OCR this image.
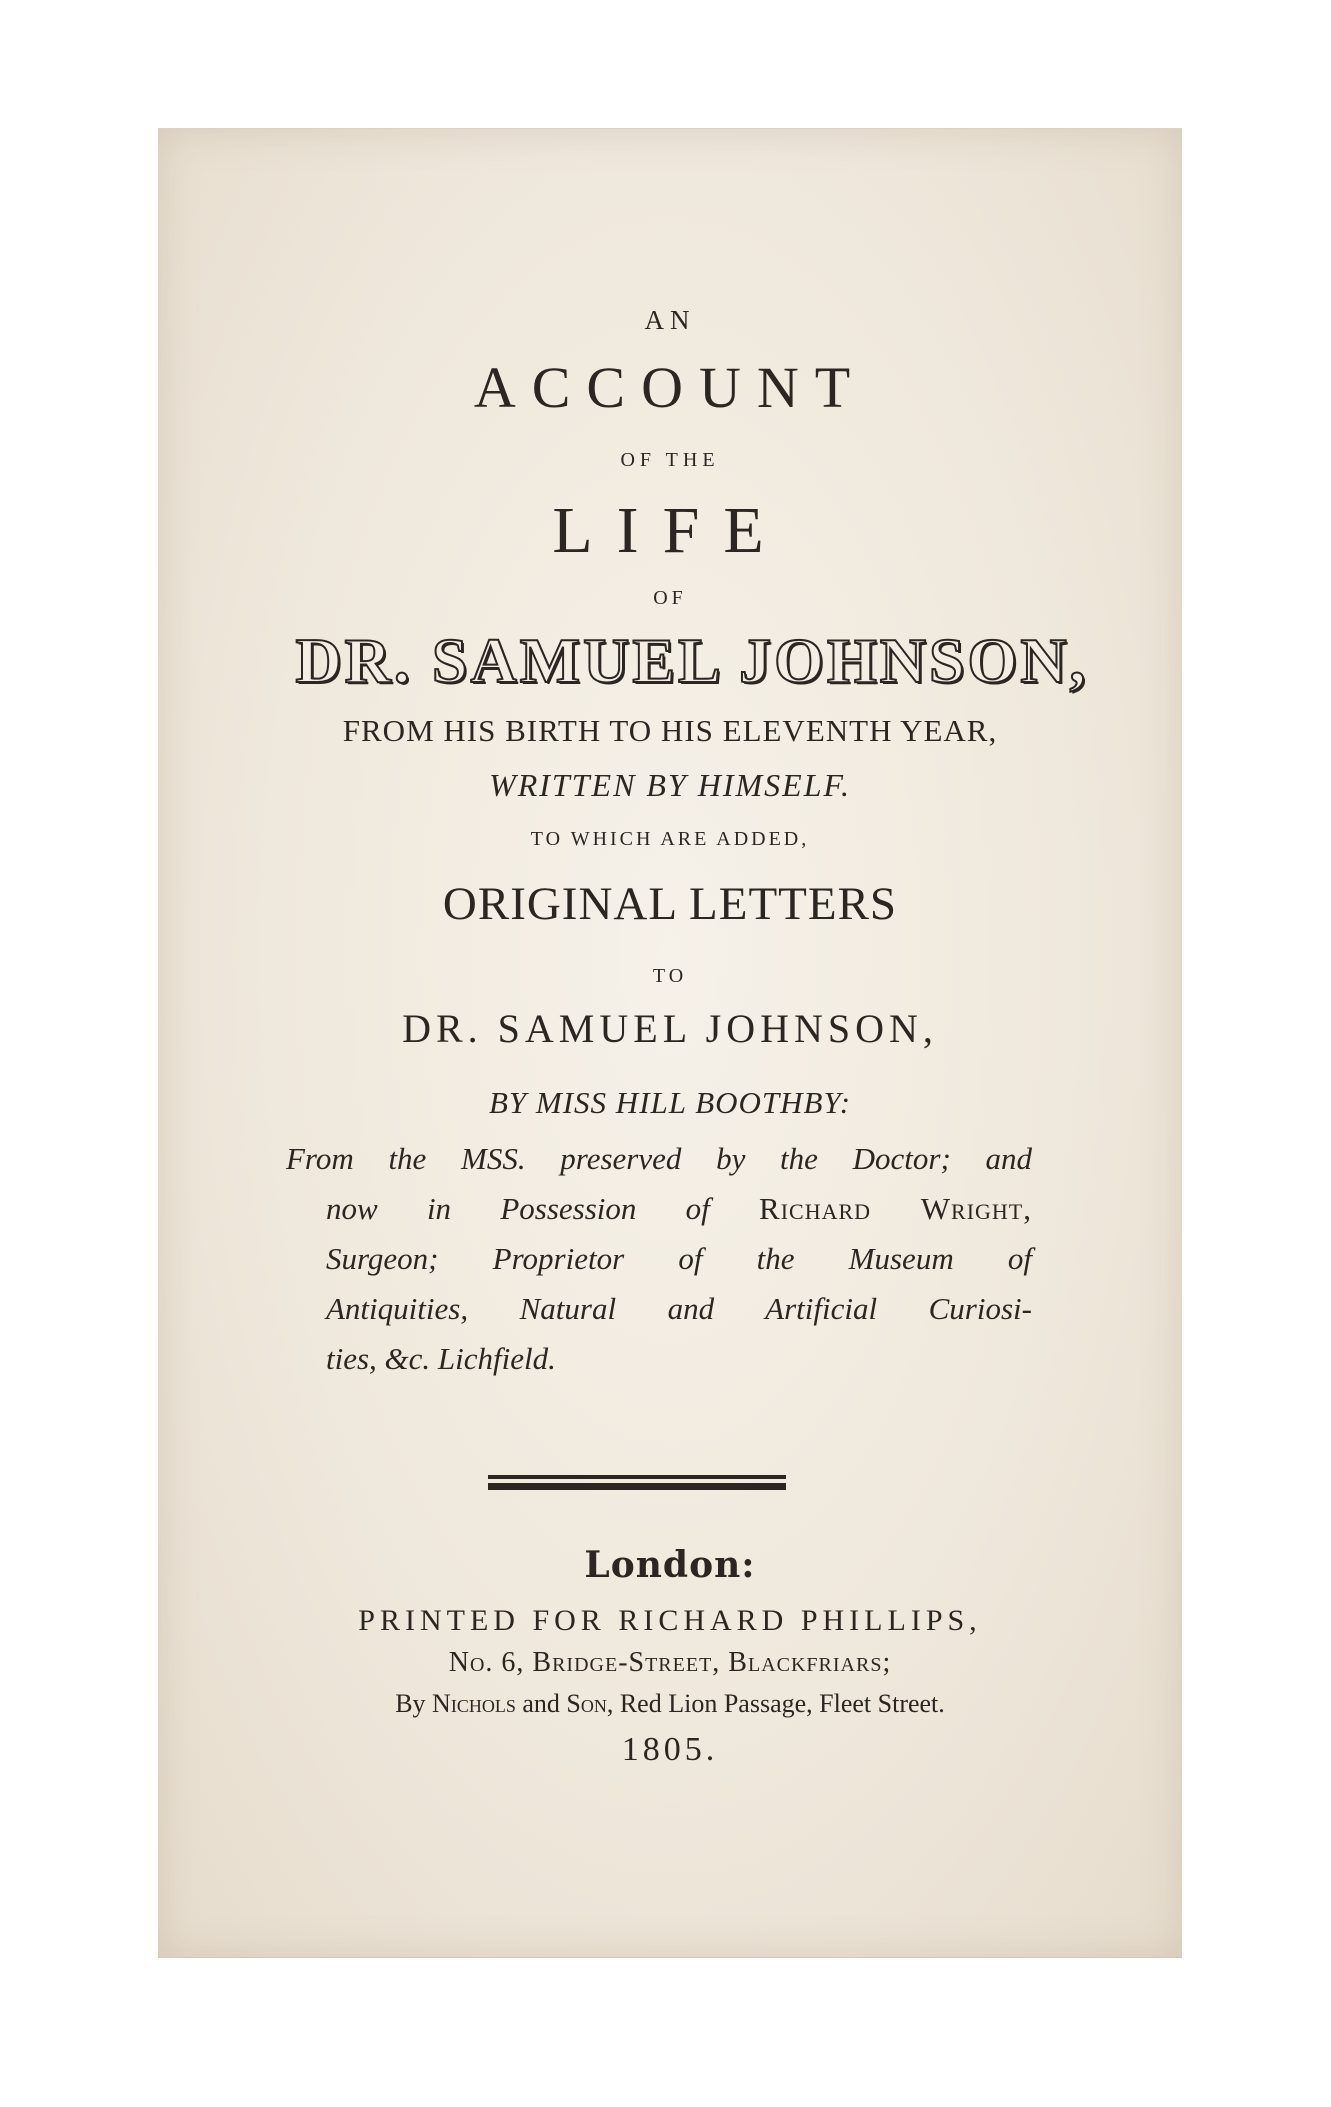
AN
ACCOUNT
OF THE
LIFE
OF
DR. SAMUEL JOHNSON,
FROM HIS BIRTH TO HIS ELEVENTH YEAR,
WRITTEN BY HIMSELF.
TO WHICH ARE ADDED,
ORIGINAL LETTERS
TO
DR. SAMUEL JOHNSON,
BY MISS HILL BOOTHBY:
From the MSS. preserved by the Doctor; and
now in Possession of Richard Wright,
Surgeon; Proprietor of the Museum of
Antiquities, Natural and Artificial Curiosi-
ties, &c. Lichfield.
London:
PRINTED FOR RICHARD PHILLIPS,
No. 6, Bridge-Street, Blackfriars;
By Nichols and Son, Red Lion Passage, Fleet Street.
1805.
